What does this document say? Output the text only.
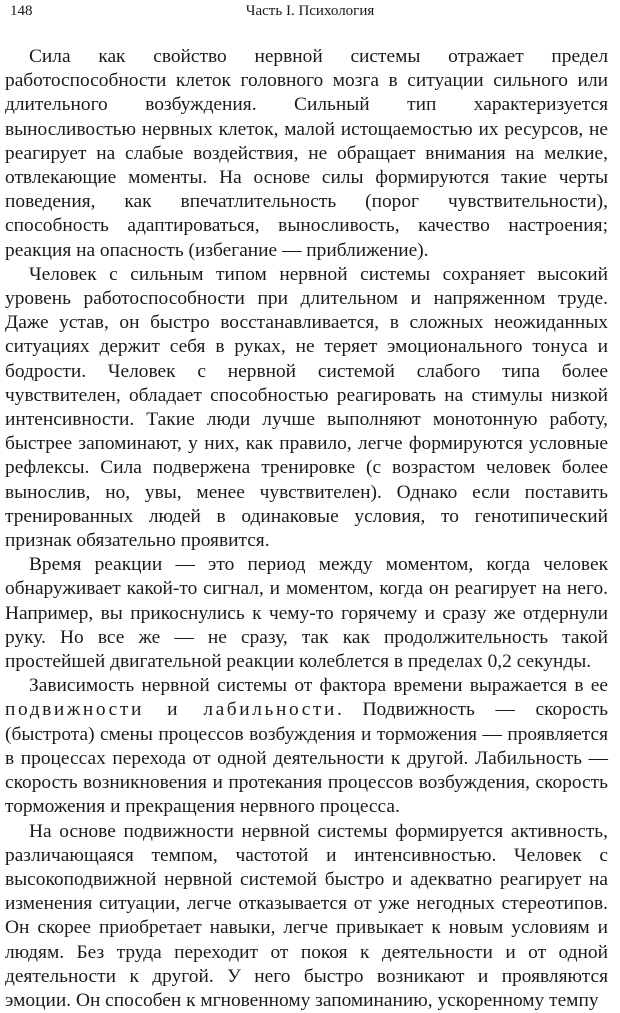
148	Часть I. Психология

Сила как свойство нервной системы отражает предел работоспособности клеток головного мозга в ситуации сильного или длительного возбуждения. Сильный тип характеризуется выносливостью нервных клеток, малой истощаемостью их ресурсов, не реагирует на слабые воздействия, не обращает внимания на мелкие, отвлекающие моменты. На основе силы формируются такие черты поведения, как впечатлительность (порог чувствительности), способность адаптироваться, выносливость, качество настроения; реакция на опасность (избегание — приближение).

Человек с сильным типом нервной системы сохраняет высокий уровень работоспособности при длительном и напряженном труде. Даже устав, он быстро восстанавливается, в сложных неожиданных ситуациях держит себя в руках, не теряет эмоционального тонуса и бодрости. Человек с нервной системой слабого типа более чувствителен, обладает способностью реагировать на стимулы низкой интенсивности. Такие люди лучше выполняют монотонную работу, быстрее запоминают, у них, как правило, легче формируются условные рефлексы. Сила подвержена тренировке (с возрастом человек более вынослив, но, увы, менее чувствителен). Однако если поставить тренированных людей в одинаковые условия, то генотипический признак обязательно проявится.

Время реакции — это период между моментом, когда человек обнаруживает какой-то сигнал, и моментом, когда он реагирует на него. Например, вы прикоснулись к чему-то горячему и сразу же отдернули руку. Но все же — не сразу, так как продолжительность такой простейшей двигательной реакции колеблется в пределах 0,2 секунды.

Зависимость нервной системы от фактора времени выражается в ее подвижности и лабильности. Подвижность — скорость (быстрота) смены процессов возбуждения и торможения — проявляется в процессах перехода от одной деятельности к другой. Лабильность — скорость возникновения и протекания процессов возбуждения, скорость торможения и прекращения нервного процесса.

На основе подвижности нервной системы формируется активность, различающаяся темпом, частотой и интенсивностью. Человек с высокоподвижной нервной системой быстро и адекватно реагирует на изменения ситуации, легче отказывается от уже негодных стереотипов. Он скорее приобретает навыки, легче привыкает к новым условиям и людям. Без труда переходит от покоя к деятельности и от одной деятельности к другой. У него быстро возникают и проявляются эмоции. Он способен к мгновенному запоминанию, ускоренному темпу
